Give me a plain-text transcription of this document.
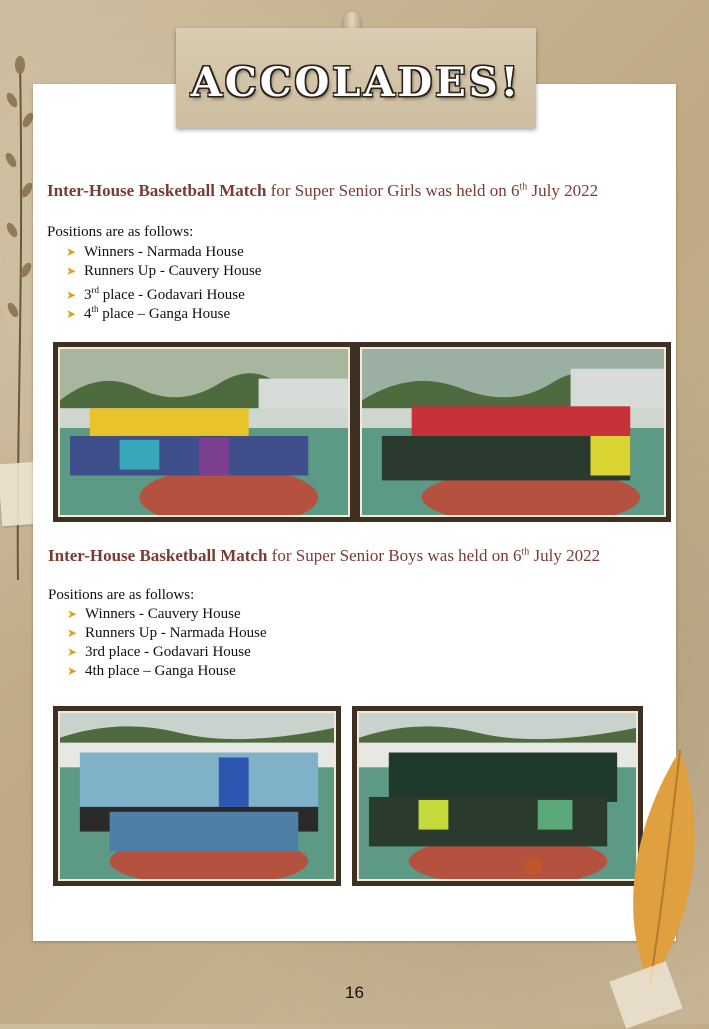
ACCOLADES!
Inter-House Basketball Match for Super Senior Girls was held on 6th July 2022
Positions are as follows:
➤ Winners - Narmada House
➤ Runners Up - Cauvery House
➤ 3rd place - Godavari House
➤ 4th place – Ganga House
Inter-House Basketball Match for Super Senior Boys was held on 6th July 2022
Positions are as follows:
➤ Winners - Cauvery House
➤ Runners Up - Narmada House
➤ 3rd place - Godavari House
➤ 4th place – Ganga House
16
